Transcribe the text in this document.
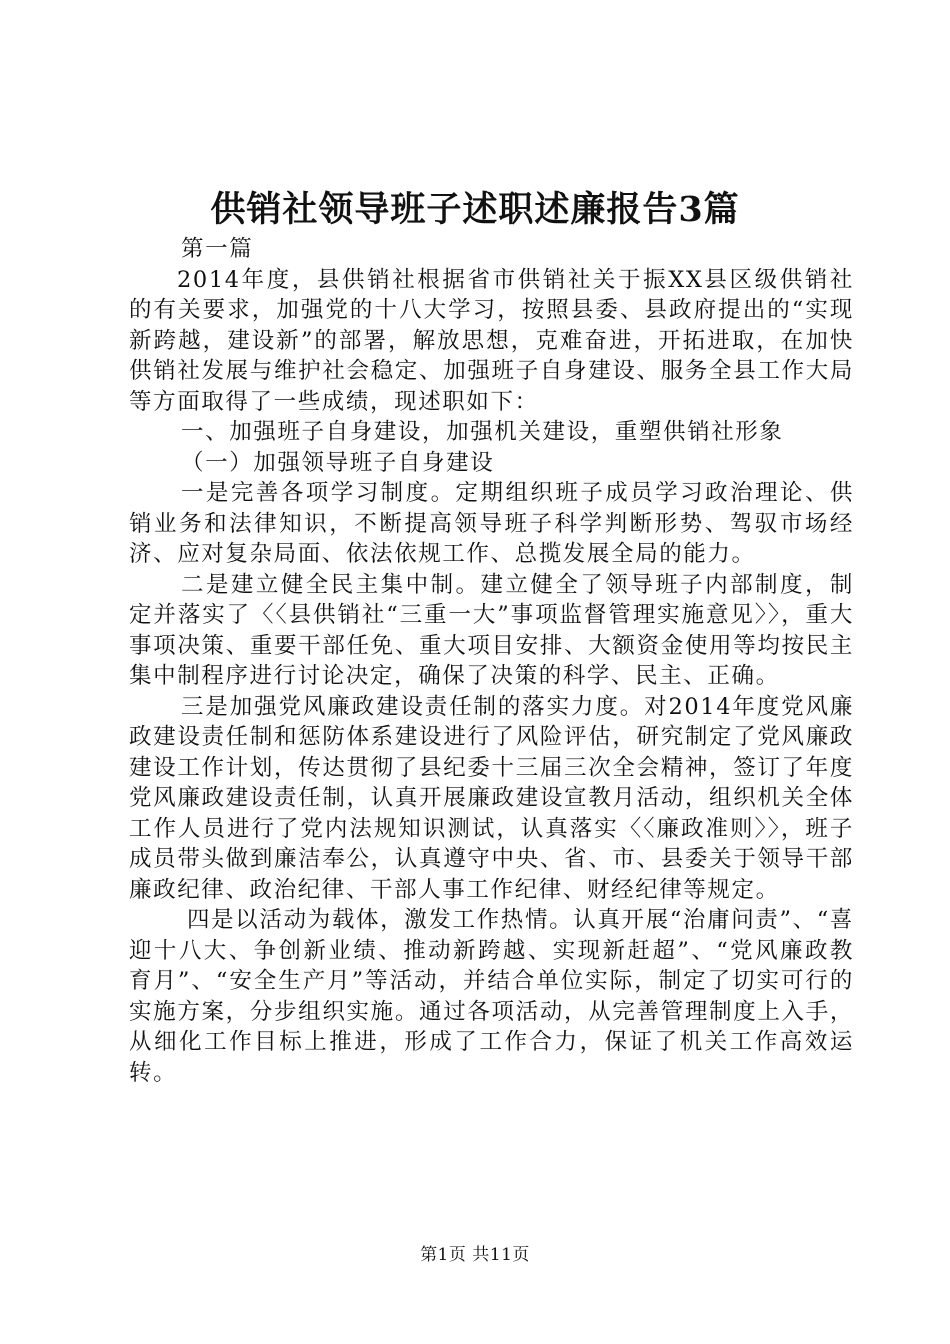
供销社领导班子述职述廉报告3篇

第一篇

2014年度，县供销社根据省市供销社关于振XX县区级供销社的有关要求，加强党的十八大学习，按照县委、县政府提出的“实现新跨越，建设新”的部署，解放思想，克难奋进，开拓进取，在加快供销社发展与维护社会稳定、加强班子自身建设、服务全县工作大局等方面取得了一些成绩，现述职如下：

一、加强班子自身建设，加强机关建设，重塑供销社形象

（一）加强领导班子自身建设

一是完善各项学习制度。定期组织班子成员学习政治理论、供销业务和法律知识，不断提高领导班子科学判断形势、驾驭市场经济、应对复杂局面、依法依规工作、总揽发展全局的能力。

二是建立健全民主集中制。建立健全了领导班子内部制度，制定并落实了〈〈县供销社“三重一大”事项监督管理实施意见〉〉，重大事项决策、重要干部任免、重大项目安排、大额资金使用等均按民主集中制程序进行讨论决定，确保了决策的科学、民主、正确。

三是加强党风廉政建设责任制的落实力度。对2014年度党风廉政建设责任制和惩防体系建设进行了风险评估，研究制定了党风廉政建设工作计划，传达贯彻了县纪委十三届三次全会精神，签订了年度党风廉政建设责任制，认真开展廉政建设宣教月活动，组织机关全体工作人员进行了党内法规知识测试，认真落实〈〈廉政准则〉〉，班子成员带头做到廉洁奉公，认真遵守中央、省、市、县委关于领导干部廉政纪律、政治纪律、干部人事工作纪律、财经纪律等规定。

四是以活动为载体，激发工作热情。认真开展“治庸问责”、“喜迎十八大、争创新业绩、推动新跨越、实现新赶超”、“党风廉政教育月”、“安全生产月”等活动，并结合单位实际，制定了切实可行的实施方案，分步组织实施。通过各项活动，从完善管理制度上入手，从细化工作目标上推进，形成了工作合力，保证了机关工作高效运转。

第1页 共11页
